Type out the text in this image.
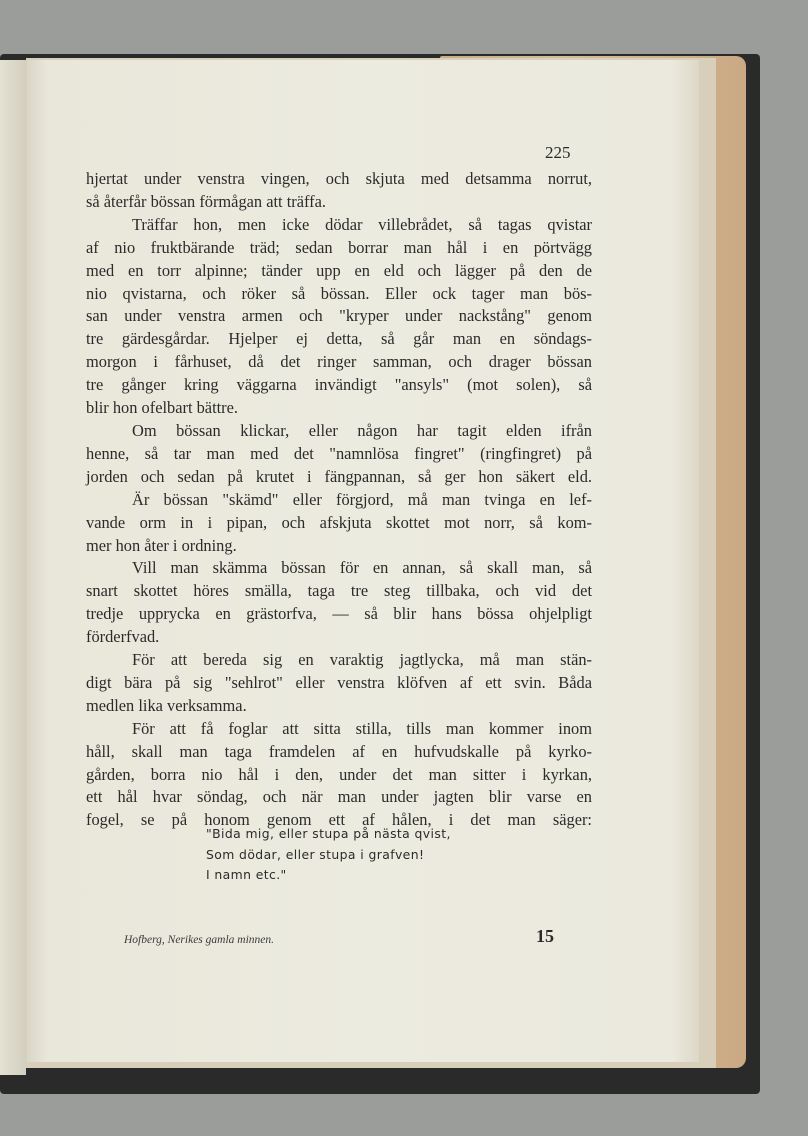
225

hjertat under venstra vingen, och skjuta med detsamma norrut,

så återfår bössan förmågan att träffa.

Träffar hon, men icke dödar villebrådet, så tagas qvistar

af nio fruktbärande träd; sedan borrar man hål i en pörtvägg

med en torr alpinne; tänder upp en eld och lägger på den de

nio qvistarna, och röker så bössan. Eller ock tager man bös-

san under venstra armen och "kryper under nackstång" genom

tre gärdesgårdar. Hjelper ej detta, så går man en söndags-

morgon i fårhuset, då det ringer samman, och drager bössan

tre gånger kring väggarna invändigt "ansyls" (mot solen), så

blir hon ofelbart bättre.

Om bössan klickar, eller någon har tagit elden ifrån

henne, så tar man med det "namnlösa fingret" (ringfingret) på

jorden och sedan på krutet i fängpannan, så ger hon säkert eld.

Är bössan "skämd" eller förgjord, må man tvinga en lef-

vande orm in i pipan, och afskjuta skottet mot norr, så kom-

mer hon åter i ordning.

Vill man skämma bössan för en annan, så skall man, så

snart skottet höres smälla, taga tre steg tillbaka, och vid det

tredje upprycka en grästorfva, — så blir hans bössa ohjelpligt

förderfvad.

För att bereda sig en varaktig jagtlycka, må man stän-

digt bära på sig "sehlrot" eller venstra klöfven af ett svin. Båda

medlen lika verksamma.

För att få foglar att sitta stilla, tills man kommer inom

håll, skall man taga framdelen af en hufvudskalle på kyrko-

gården, borra nio hål i den, under det man sitter i kyrkan,

ett hål hvar söndag, och när man under jagten blir varse en

fogel, se på honom genom ett af hålen, i det man säger:

"Bida mig, eller stupa på nästa qvist,
Som dödar, eller stupa i grafven!
I namn etc."
Hofberg, Nerikes gamla minnen.	15
